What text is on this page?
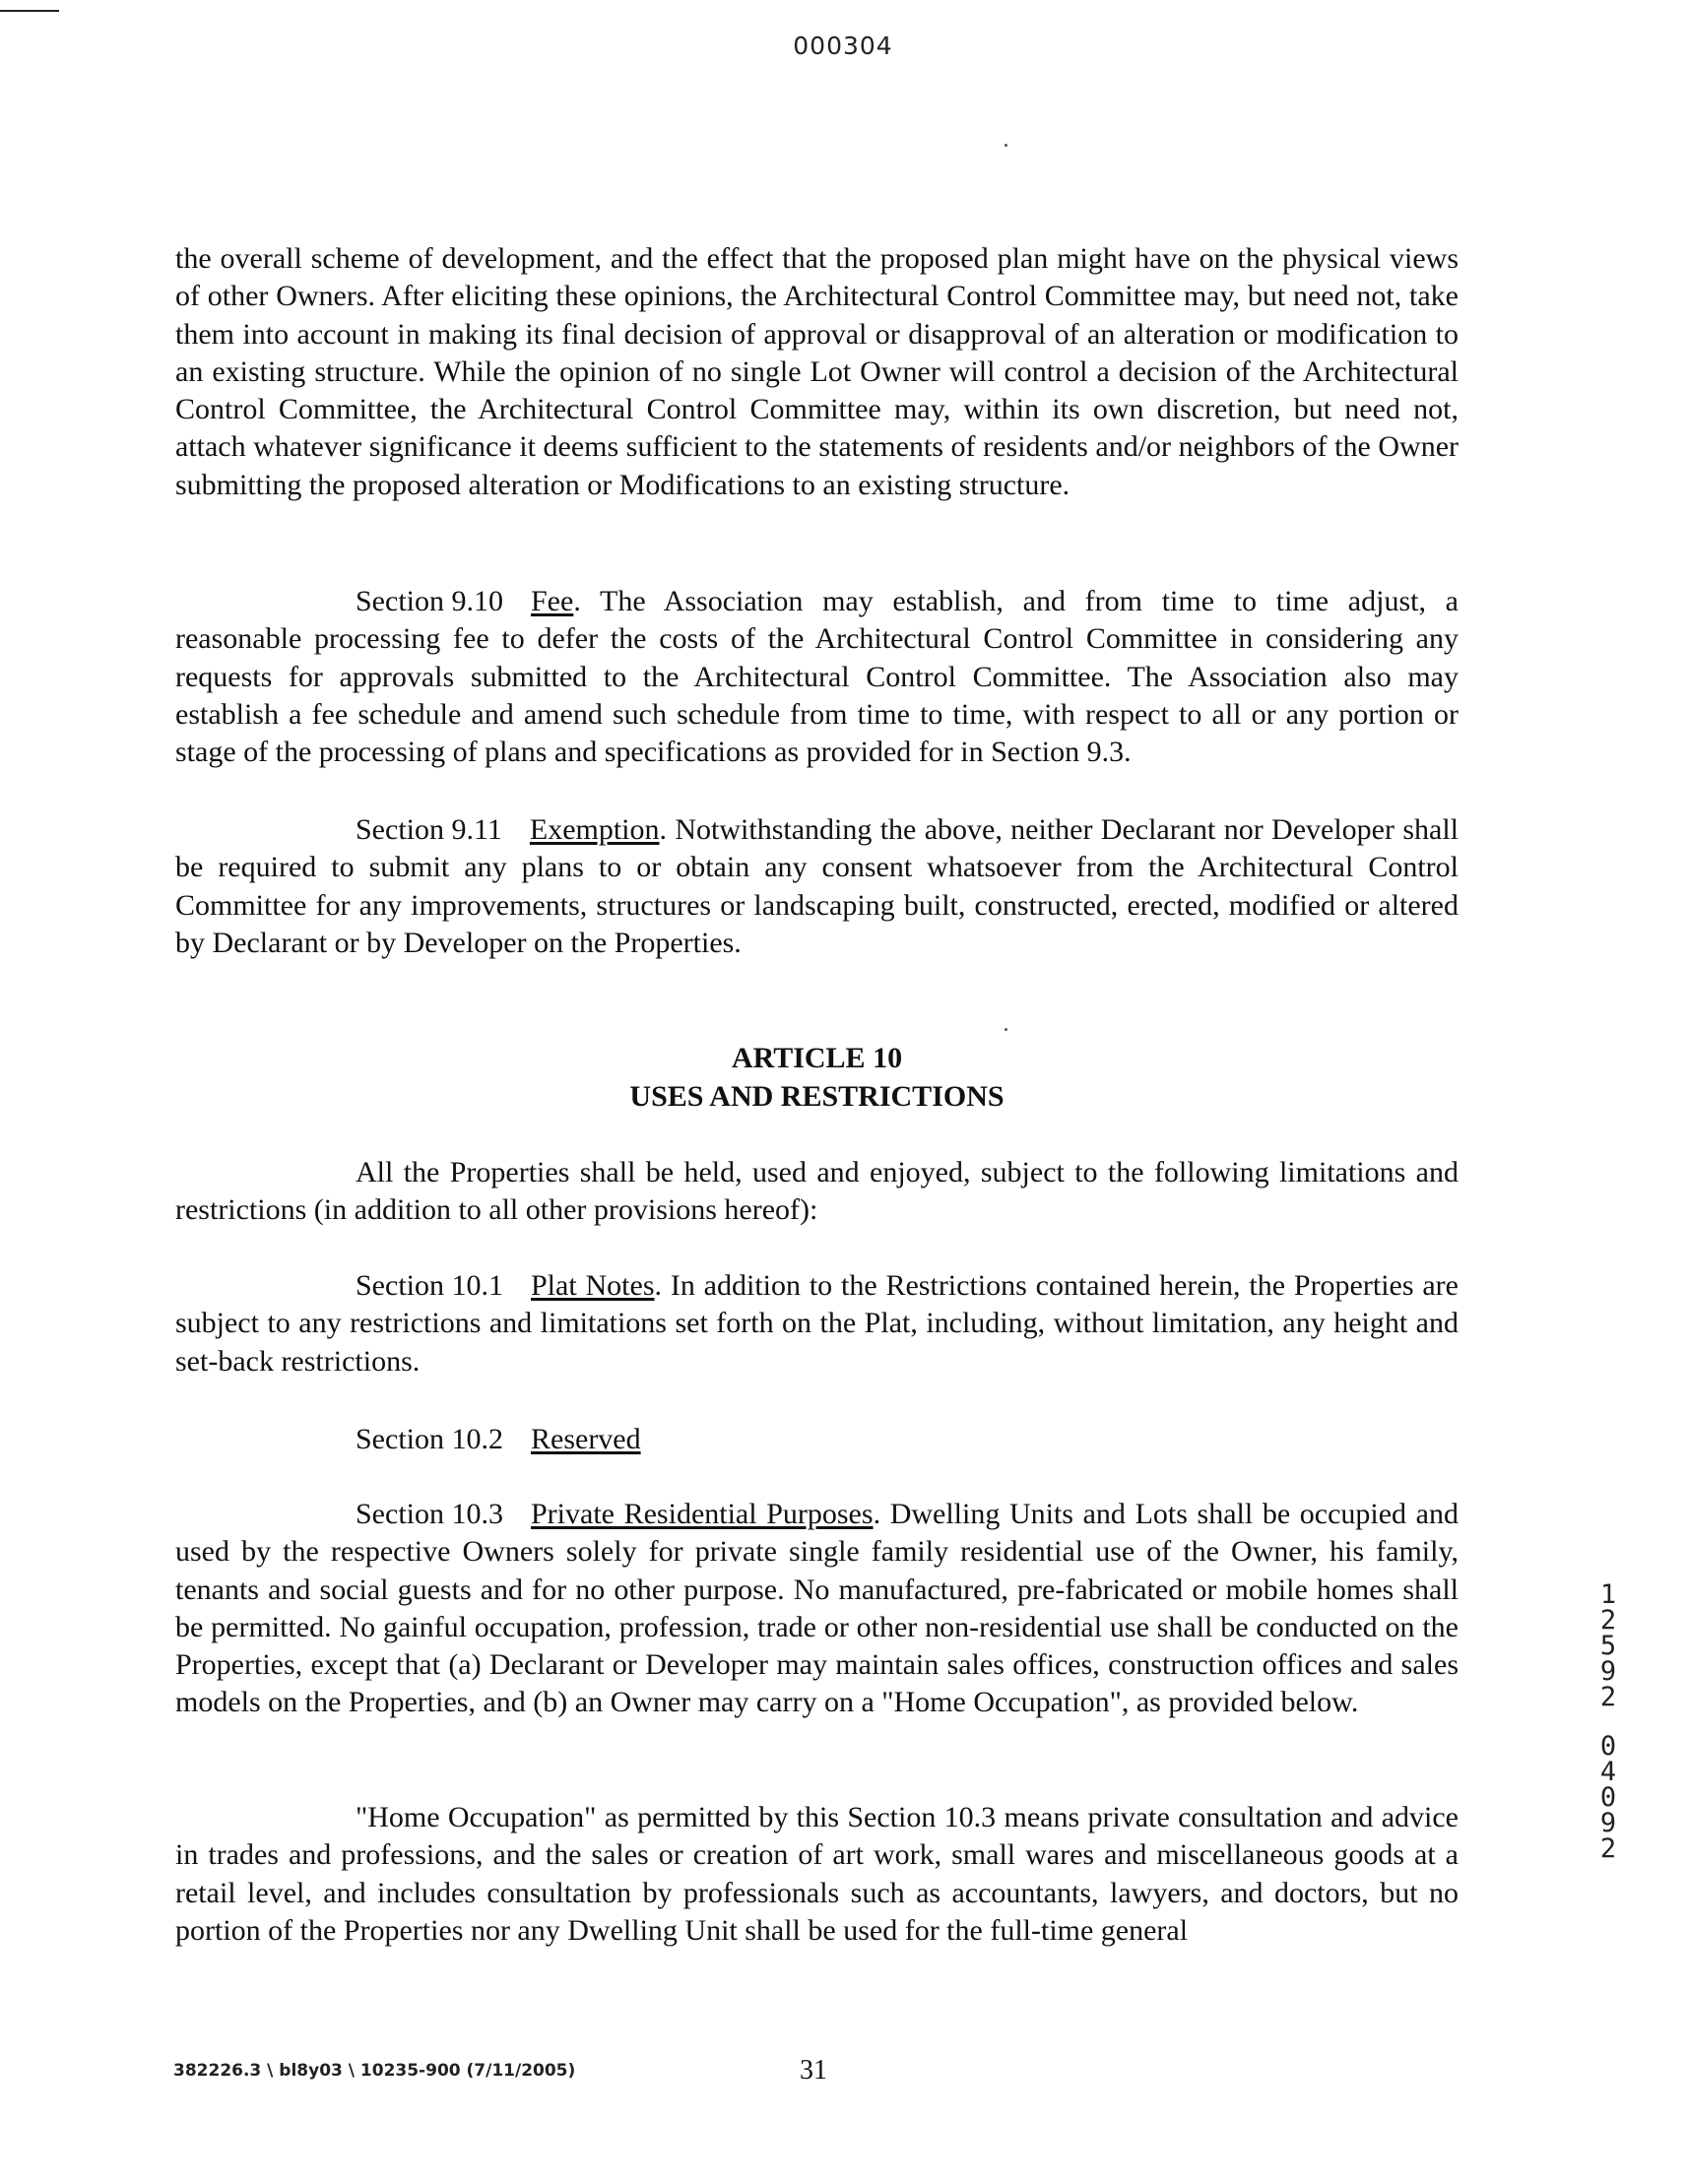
000304

the overall scheme of development, and the effect that the proposed plan might have on the physical views of other Owners. After eliciting these opinions, the Architectural Control Committee may, but need not, take them into account in making its final decision of approval or disapproval of an alteration or modification to an existing structure. While the opinion of no single Lot Owner will control a decision of the Architectural Control Committee, the Architectural Control Committee may, within its own discretion, but need not, attach whatever significance it deems sufficient to the statements of residents and/or neighbors of the Owner submitting the proposed alteration or Modifications to an existing structure.

Section 9.10 Fee. The Association may establish, and from time to time adjust, a reasonable processing fee to defer the costs of the Architectural Control Committee in considering any requests for approvals submitted to the Architectural Control Committee. The Association also may establish a fee schedule and amend such schedule from time to time, with respect to all or any portion or stage of the processing of plans and specifications as provided for in Section 9.3.

Section 9.11 Exemption. Notwithstanding the above, neither Declarant nor Developer shall be required to submit any plans to or obtain any consent whatsoever from the Architectural Control Committee for any improvements, structures or landscaping built, constructed, erected, modified or altered by Declarant or by Developer on the Properties.

ARTICLE 10
USES AND RESTRICTIONS

All the Properties shall be held, used and enjoyed, subject to the following limitations and restrictions (in addition to all other provisions hereof):

Section 10.1 Plat Notes. In addition to the Restrictions contained herein, the Properties are subject to any restrictions and limitations set forth on the Plat, including, without limitation, any height and set-back restrictions.

Section 10.2 Reserved

Section 10.3 Private Residential Purposes. Dwelling Units and Lots shall be occupied and used by the respective Owners solely for private single family residential use of the Owner, his family, tenants and social guests and for no other purpose. No manufactured, pre-fabricated or mobile homes shall be permitted. No gainful occupation, profession, trade or other non-residential use shall be conducted on the Properties, except that (a) Declarant or Developer may maintain sales offices, construction offices and sales models on the Properties, and (b) an Owner may carry on a "Home Occupation", as provided below.

"Home Occupation" as permitted by this Section 10.3 means private consultation and advice in trades and professions, and the sales or creation of art work, small wares and miscellaneous goods at a retail level, and includes consultation by professionals such as accountants, lawyers, and doctors, but no portion of the Properties nor any Dwelling Unit shall be used for the full-time general

1
2
5
9
2
0
4
0
9
2
382226.3 \ bl8y03 \ 10235-900 (7/11/2005)	31
